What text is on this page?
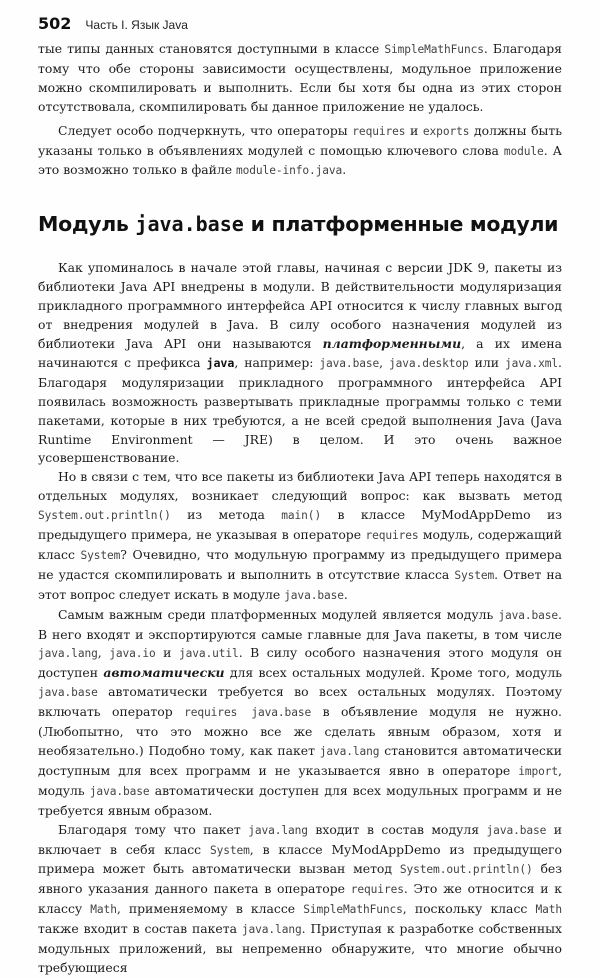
502 Часть I. Язык Java

тые типы данных становятся доступными в классе SimpleMathFuncs. Благодаря тому что обе стороны зависимости осуществлены, модульное приложение можно скомпилировать и выполнить. Если бы хотя бы одна из этих сторон отсутствовала, скомпилировать бы данное приложение не удалось.

Следует особо подчеркнуть, что операторы requires и exports должны быть указаны только в объявлениях модулей с помощью ключевого слова module. А это возможно только в файле module-info.java.

Модуль java.base и платформенные модули

Как упоминалось в начале этой главы, начиная с версии JDK 9, пакеты из библиотеки Java API внедрены в модули. В действительности модуляризация прикладного программного интерфейса API относится к числу главных выгод от внедрения модулей в Java. В силу особого назначения модулей из библиотеки Java API они называются платформенными, а их имена начинаются с префикса java, например: java.base, java.desktop или java.xml. Благодаря модуляризации прикладного программного интерфейса API появилась возможность развертывать прикладные программы только с теми пакетами, которые в них требуются, а не всей средой выполнения Java (Java Runtime Environment — JRE) в целом. И это очень важное усовершенствование.

Но в связи с тем, что все пакеты из библиотеки Java API теперь находятся в отдельных модулях, возникает следующий вопрос: как вызвать метод System.out.println() из метода main() в классе MyModAppDemo из предыдущего примера, не указывая в операторе requires модуль, содержащий класс System? Очевидно, что модульную программу из предыдущего примера не удастся скомпилировать и выполнить в отсутствие класса System. Ответ на этот вопрос следует искать в модуле java.base.

Самым важным среди платформенных модулей является модуль java.base. В него входят и экспортируются самые главные для Java пакеты, в том числе java.lang, java.io и java.util. В силу особого назначения этого модуля он доступен автоматически для всех остальных модулей. Кроме того, модуль java.base автоматически требуется во всех остальных модулях. Поэтому включать оператор requires java.base в объявление модуля не нужно. (Любопытно, что это можно все же сделать явным образом, хотя и необязательно.) Подобно тому, как пакет java.lang становится автоматически доступным для всех программ и не указывается явно в операторе import, модуль java.base автоматически доступен для всех модульных программ и не требуется явным образом.

Благодаря тому что пакет java.lang входит в состав модуля java.base и включает в себя класс System, в классе MyModAppDemo из предыдущего примера может быть автоматически вызван метод System.out.println() без явного указания данного пакета в операторе requires. Это же относится и к классу Math, применяемому в классе SimpleMathFuncs, поскольку класс Math также входит в состав пакета java.lang. Приступая к разработке собственных модульных приложений, вы непременно обнаружите, что многие обычно требующиеся
